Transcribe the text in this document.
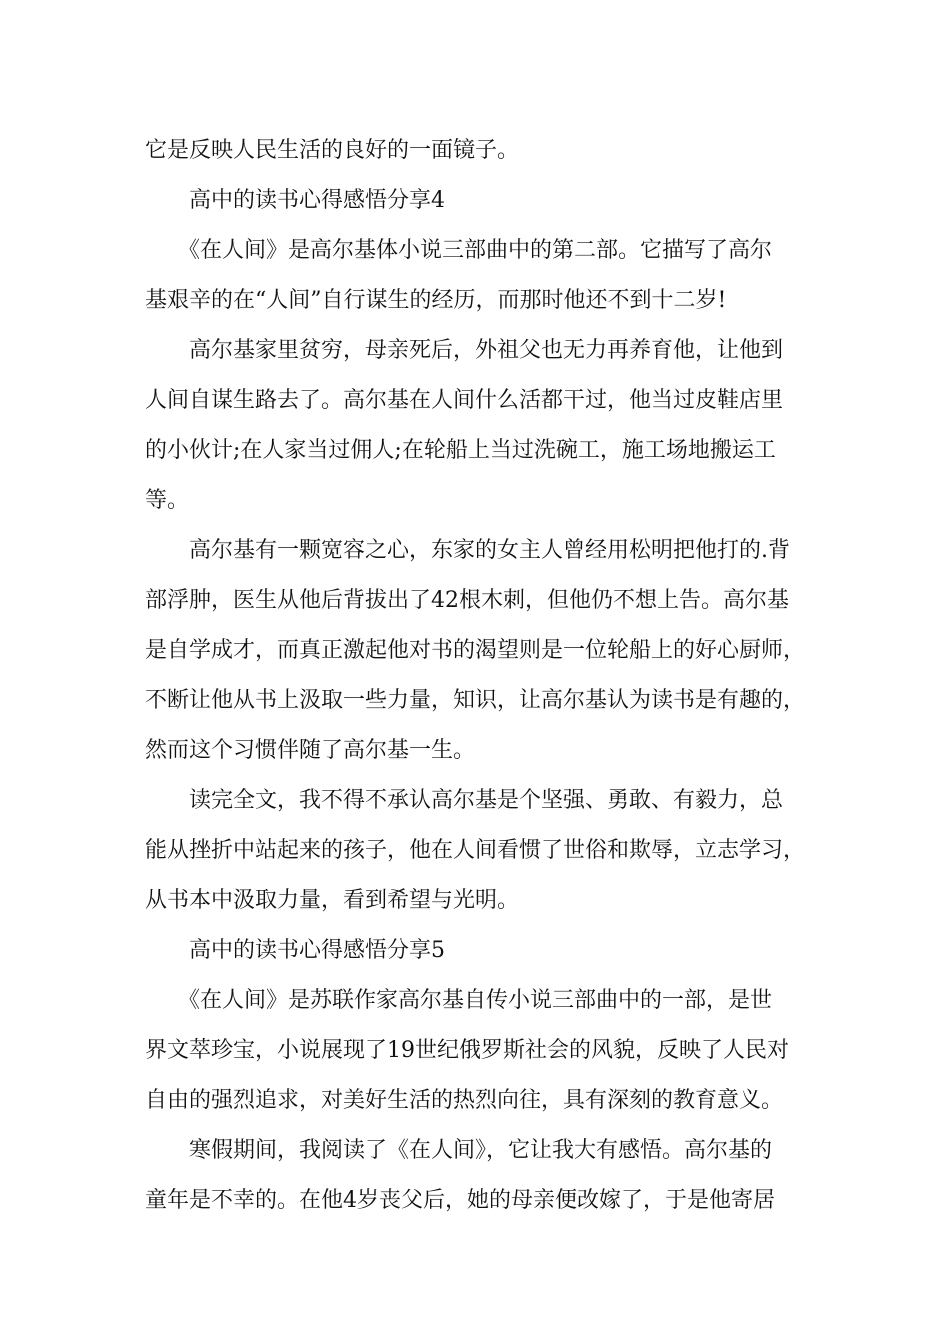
它是反映人民生活的良好的一面镜子。
　　高中的读书心得感悟分享4
　　《在人间》是高尔基体小说三部曲中的第二部。它描写了高尔
基艰辛的在“人间”自行谋生的经历，而那时他还不到十二岁!
　　高尔基家里贫穷，母亲死后，外祖父也无力再养育他，让他到
人间自谋生路去了。高尔基在人间什么活都干过，他当过皮鞋店里
的小伙计;在人家当过佣人;在轮船上当过洗碗工，施工场地搬运工
等。
　　高尔基有一颗宽容之心，东家的女主人曾经用松明把他打的.背
部浮肿，医生从他后背拔出了42根木刺，但他仍不想上告。高尔基
是自学成才，而真正激起他对书的渴望则是一位轮船上的好心厨师，
不断让他从书上汲取一些力量，知识，让高尔基认为读书是有趣的，
然而这个习惯伴随了高尔基一生。
　　读完全文，我不得不承认高尔基是个坚强、勇敢、有毅力，总
能从挫折中站起来的孩子，他在人间看惯了世俗和欺辱，立志学习，
从书本中汲取力量，看到希望与光明。
　　高中的读书心得感悟分享5
　　《在人间》是苏联作家高尔基自传小说三部曲中的一部，是世
界文萃珍宝，小说展现了19世纪俄罗斯社会的风貌，反映了人民对
自由的强烈追求，对美好生活的热烈向往，具有深刻的教育意义。
　　寒假期间，我阅读了《在人间》，它让我大有感悟。高尔基的
童年是不幸的。在他4岁丧父后，她的母亲便改嫁了，于是他寄居
